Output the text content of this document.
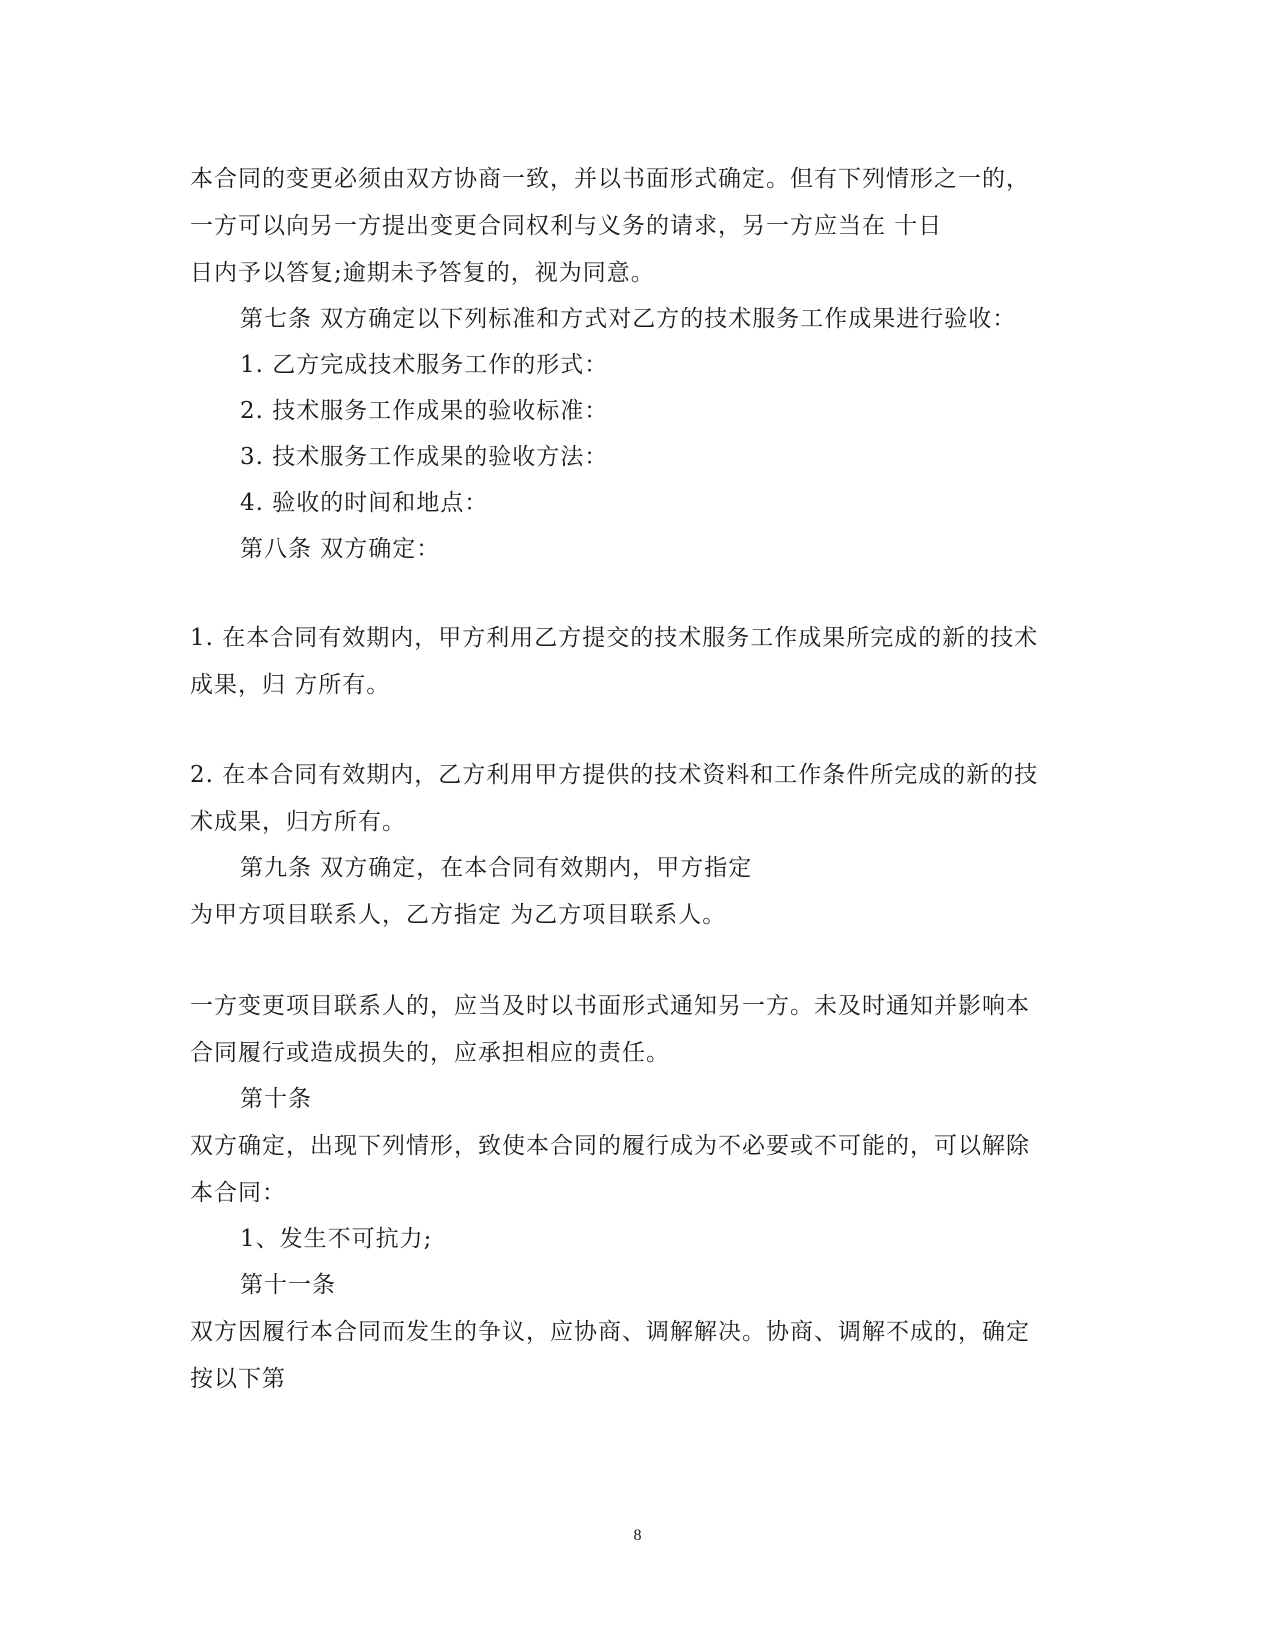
本合同的变更必须由双方协商一致，并以书面形式确定。但有下列情形之一的，
一方可以向另一方提出变更合同权利与义务的请求，另一方应当在 十日
日内予以答复;逾期未予答复的，视为同意。
第七条 双方确定以下列标准和方式对乙方的技术服务工作成果进行验收：
1. 乙方完成技术服务工作的形式：
2. 技术服务工作成果的验收标准：
3. 技术服务工作成果的验收方法：
4. 验收的时间和地点：
第八条 双方确定：
1. 在本合同有效期内，甲方利用乙方提交的技术服务工作成果所完成的新的技术
成果，归 方所有。
2. 在本合同有效期内，乙方利用甲方提供的技术资料和工作条件所完成的新的技
术成果，归方所有。
第九条 双方确定，在本合同有效期内，甲方指定
为甲方项目联系人，乙方指定 为乙方项目联系人。
一方变更项目联系人的，应当及时以书面形式通知另一方。未及时通知并影响本
合同履行或造成损失的，应承担相应的责任。
第十条
双方确定，出现下列情形，致使本合同的履行成为不必要或不可能的，可以解除
本合同：
1、发生不可抗力;
第十一条
双方因履行本合同而发生的争议，应协商、调解解决。协商、调解不成的，确定
按以下第
8
